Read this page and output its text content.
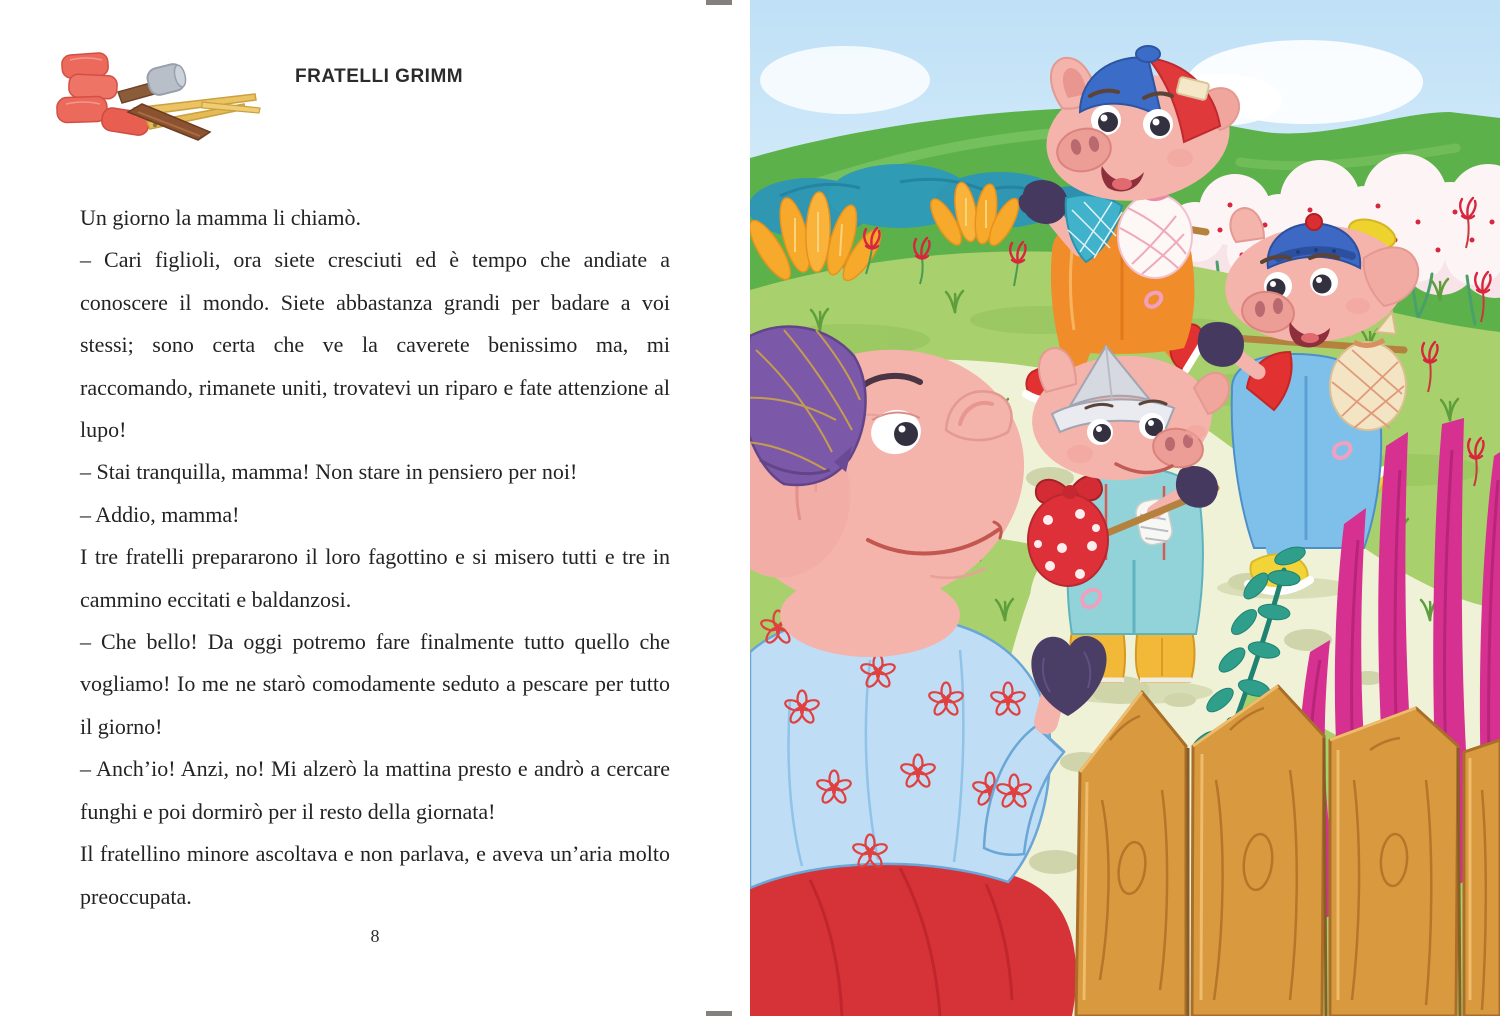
FRATELLI GRIMM

Un giorno la mamma li chiamò.

– Cari figlioli, ora siete cresciuti ed è tempo che andiate a conoscere il mondo. Siete abbastanza grandi per badare a voi stessi; sono certa che ve la caverete benissimo ma, mi raccomando, rimanete uniti, trovatevi un riparo e fate attenzione al lupo!

– Stai tranquilla, mamma! Non stare in pensiero per noi!

– Addio, mamma!

I tre fratelli prepararono il loro fagottino e si misero tutti e tre in cammino eccitati e baldanzosi.

– Che bello! Da oggi potremo fare finalmente tutto quello che vogliamo! Io me ne starò comodamente seduto a pescare per tutto il giorno!

– Anch’io! Anzi, no! Mi alzerò la mattina presto e andrò a cercare funghi e poi dormirò per il resto della giornata!

Il fratellino minore ascoltava e non parlava, e aveva un’aria molto preoccupata.

8
